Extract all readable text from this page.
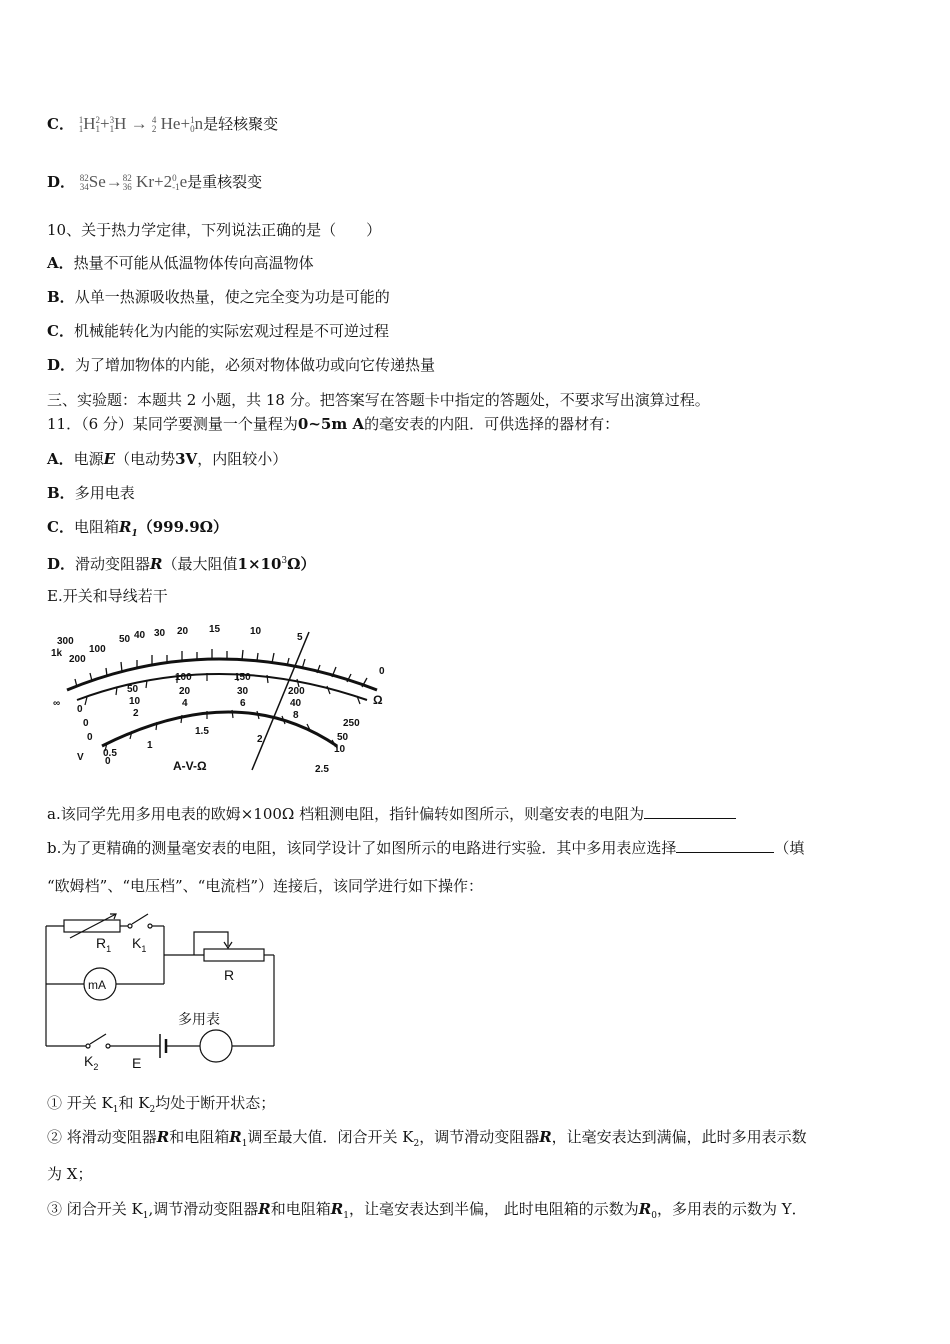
C． 1
1H2
1+3
1H → 4
2 He+1
0n是轻核聚变
D． 82
34Se→82
36 Kr+20
-1e是重核裂变
10、关于热力学定律，下列说法正确的是（　　）
A．热量不可能从低温物体传向高温物体
B．从单一热源吸收热量，使之完全变为功是可能的
C．机械能转化为内能的实际宏观过程是不可逆过程
D．为了增加物体的内能，必须对物体做功或向它传递热量
三、实验题：本题共 2 小题，共 18 分。把答案写在答题卡中指定的答题处，不要求写出演算过程。
11．（6 分）某同学要测量一个量程为0~5m A的毫安表的内阻．可供选择的器材有：
A．电源E（电动势3V，内阻较小）
B．多用电表
C．电阻箱$R_1(999.9\Omega)$
D．滑动变阻器R（最大阻值$1\times 10^3\Omega$）
E.开关和导线若干
300
1k
200
100
50 40 30 20 15	10
5
0
Ω
50
100	150
200
250
10
20	30
40
50
2
4	6
8
10
0
0
0
0.5
1
1.5
2
2.5
0
V
∞
A-V-Ω
a.该同学先用多用电表的欧姆×100Ω 档粗测电阻，指针偏转如图所示，则毫安表的电阻为
b.为了更精确的测量毫安表的电阻，该同学设计了如图所示的电路进行实验．其中多用表应选择	（填
“欧姆档”、“电压档”、“电流档”）连接后，该同学进行如下操作：
$R_1$ $K_1$
R
mA
多用表
$K_2$ E
① 开关 $K_1$和 $K_2$均处于断开状态；
② 将滑动变阻器R和电阻箱$R_1$调至最大值．闭合开关 $K_2$，调节滑动变阻器R，让毫安表达到满偏，此时多用表示数
为 X；
③ 闭合开关 $K_1$,调节滑动变阻器R和电阻箱$R_1$，让毫安表达到半偏， 此时电阻箱的示数为$R_0$，多用表的示数为 Y．
